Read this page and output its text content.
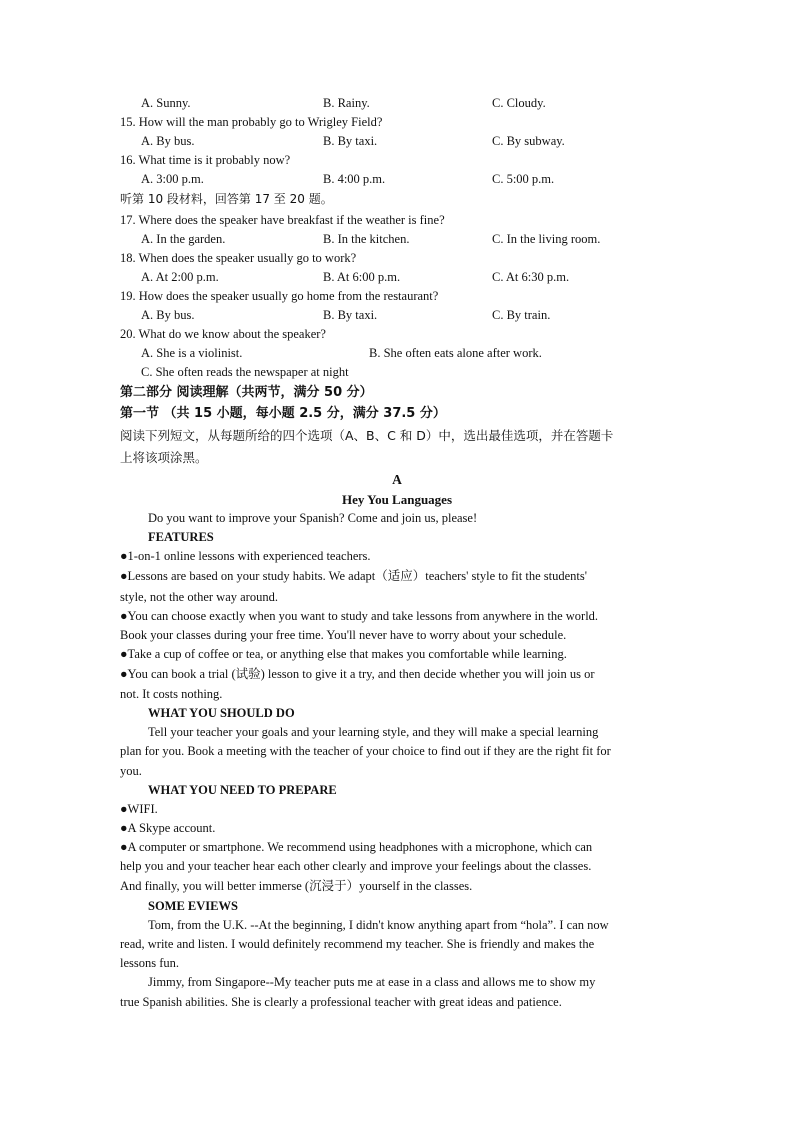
A. Sunny.	B. Rainy.	C. Cloudy.
15. How will the man probably go to Wrigley Field?
A. By bus.	B. By taxi.	C. By subway.
16. What time is it probably now?
A. 3:00 p.m.	B. 4:00 p.m.	C. 5:00 p.m.
听第 10 段材料，回答第 17 至 20 题。
17. Where does the speaker have breakfast if the weather is fine?
A. In the garden.	B. In the kitchen.	C. In the living room.
18. When does the speaker usually go to work?
A. At 2:00 p.m.	B. At 6:00 p.m.	C. At 6:30 p.m.
19. How does the speaker usually go home from the restaurant?
A. By bus.	B. By taxi.	C. By train.
20. What do we know about the speaker?
A. She is a violinist.	B. She often eats alone after work.
C. She often reads the newspaper at night
第二部分 阅读理解（共两节，满分 50 分）
第一节 （共 15 小题，每小题 2.5 分，满分 37.5 分）
阅读下列短文，从每题所给的四个选项（A、B、C 和 D）中，选出最佳选项，并在答题卡
上将该项涂黑。
A
Hey You Languages
Do you want to improve your Spanish? Come and join us, please!
FEATURES
●1-on-1 online lessons with experienced teachers.
●Lessons are based on your study habits. We adapt（适应）teachers' style to fit the students'
style, not the other way around.
●You can choose exactly when you want to study and take lessons from anywhere in the world.
Book your classes during your free time. You'll never have to worry about your schedule.
●Take a cup of coffee or tea, or anything else that makes you comfortable while learning.
●You can book a trial (试验) lesson to give it a try, and then decide whether you will join us or
not. It costs nothing.
WHAT YOU SHOULD DO
Tell your teacher your goals and your learning style, and they will make a special learning
plan for you. Book a meeting with the teacher of your choice to find out if they are the right fit for
you.
WHAT YOU NEED TO PREPARE
●WIFI.
●A Skype account.
●A computer or smartphone. We recommend using headphones with a microphone, which can
help you and your teacher hear each other clearly and improve your feelings about the classes.
And finally, you will better immerse (沉浸于）yourself in the classes.
SOME EVIEWS
Tom, from the U.K. --At the beginning, I didn't know anything apart from “hola”. I can now
read, write and listen. I would definitely recommend my teacher. She is friendly and makes the
lessons fun.
Jimmy, from Singapore--My teacher puts me at ease in a class and allows me to show my
true Spanish abilities. She is clearly a professional teacher with great ideas and patience.
